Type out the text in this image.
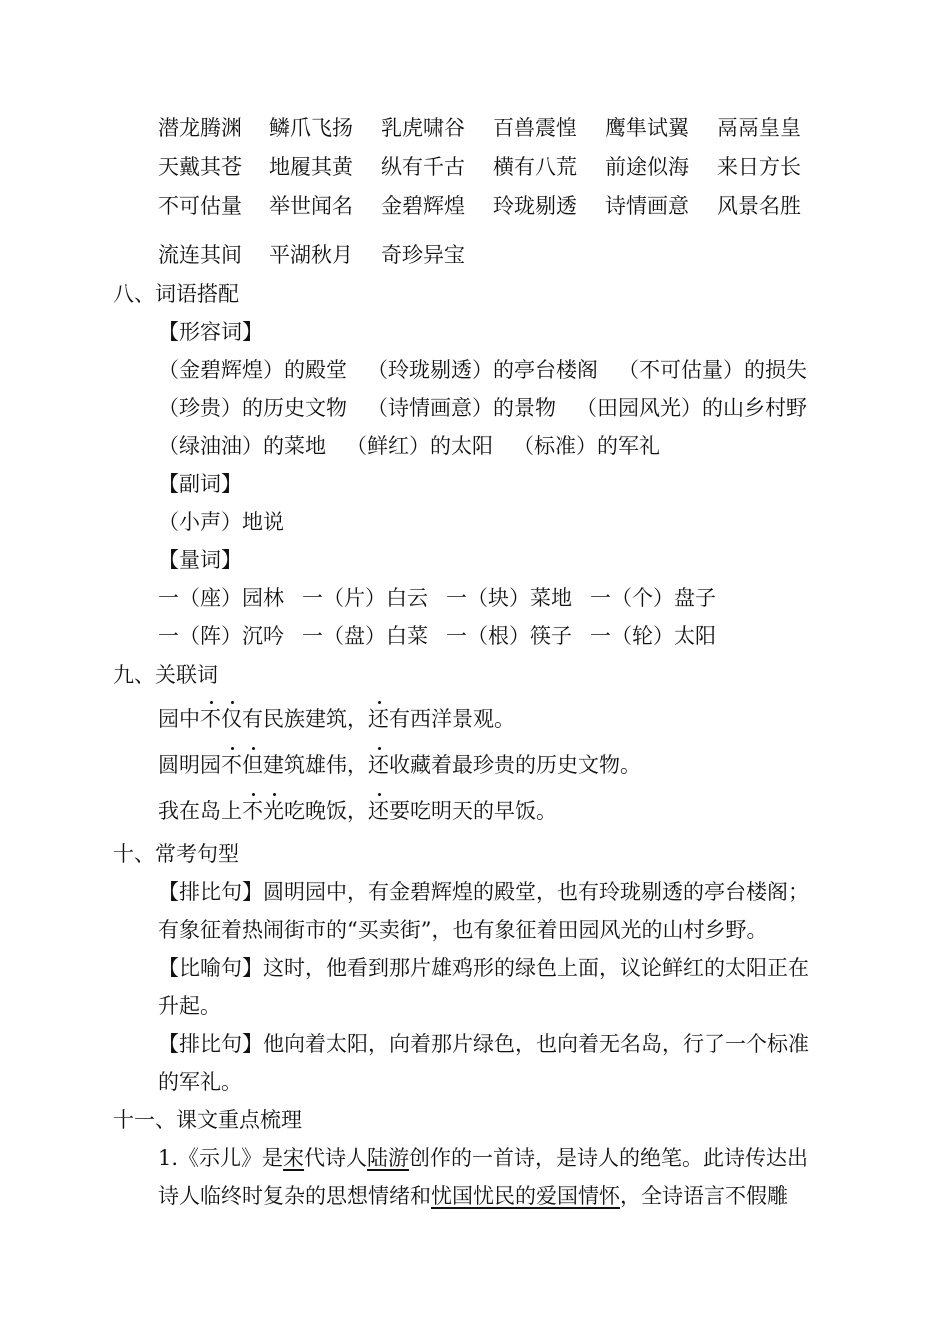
潜龙腾渊 鳞爪飞扬 乳虎啸谷 百兽震惶 鹰隼试翼 鬲鬲皇皇
天戴其苍 地履其黄 纵有千古 横有八荒 前途似海 来日方长
不可估量 举世闻名 金碧辉煌 玲珑剔透 诗情画意 风景名胜
流连其间 平湖秋月 奇珍异宝
八、词语搭配
【形容词】
（金碧辉煌）的殿堂 （玲珑剔透）的亭台楼阁 （不可估量）的损失
（珍贵）的历史文物 （诗情画意）的景物 （田园风光）的山乡村野
（绿油油）的菜地 （鲜红）的太阳 （标准）的军礼
【副词】
（小声）地说
【量词】
一（座）园林 一（片）白云 一（块）菜地 一（个）盘子
一（阵）沉吟 一（盘）白菜 一（根）筷子 一（轮）太阳
九、关联词
园中不仅有民族建筑，还有西洋景观。
圆明园不但建筑雄伟，还收藏着最珍贵的历史文物。
我在岛上不光吃晚饭，还要吃明天的早饭。
十、常考句型
【排比句】圆明园中，有金碧辉煌的殿堂，也有玲珑剔透的亭台楼阁；
有象征着热闹街市的“买卖街”，也有象征着田园风光的山村乡野。
【比喻句】这时，他看到那片雄鸡形的绿色上面，议论鲜红的太阳正在
升起。
【排比句】他向着太阳，向着那片绿色，也向着无名岛，行了一个标准
的军礼。
十一、课文重点梳理
1.《示儿》是宋代诗人陆游创作的一首诗，是诗人的绝笔。此诗传达出
诗人临终时复杂的思想情绪和忧国忧民的爱国情怀，全诗语言不假雕
